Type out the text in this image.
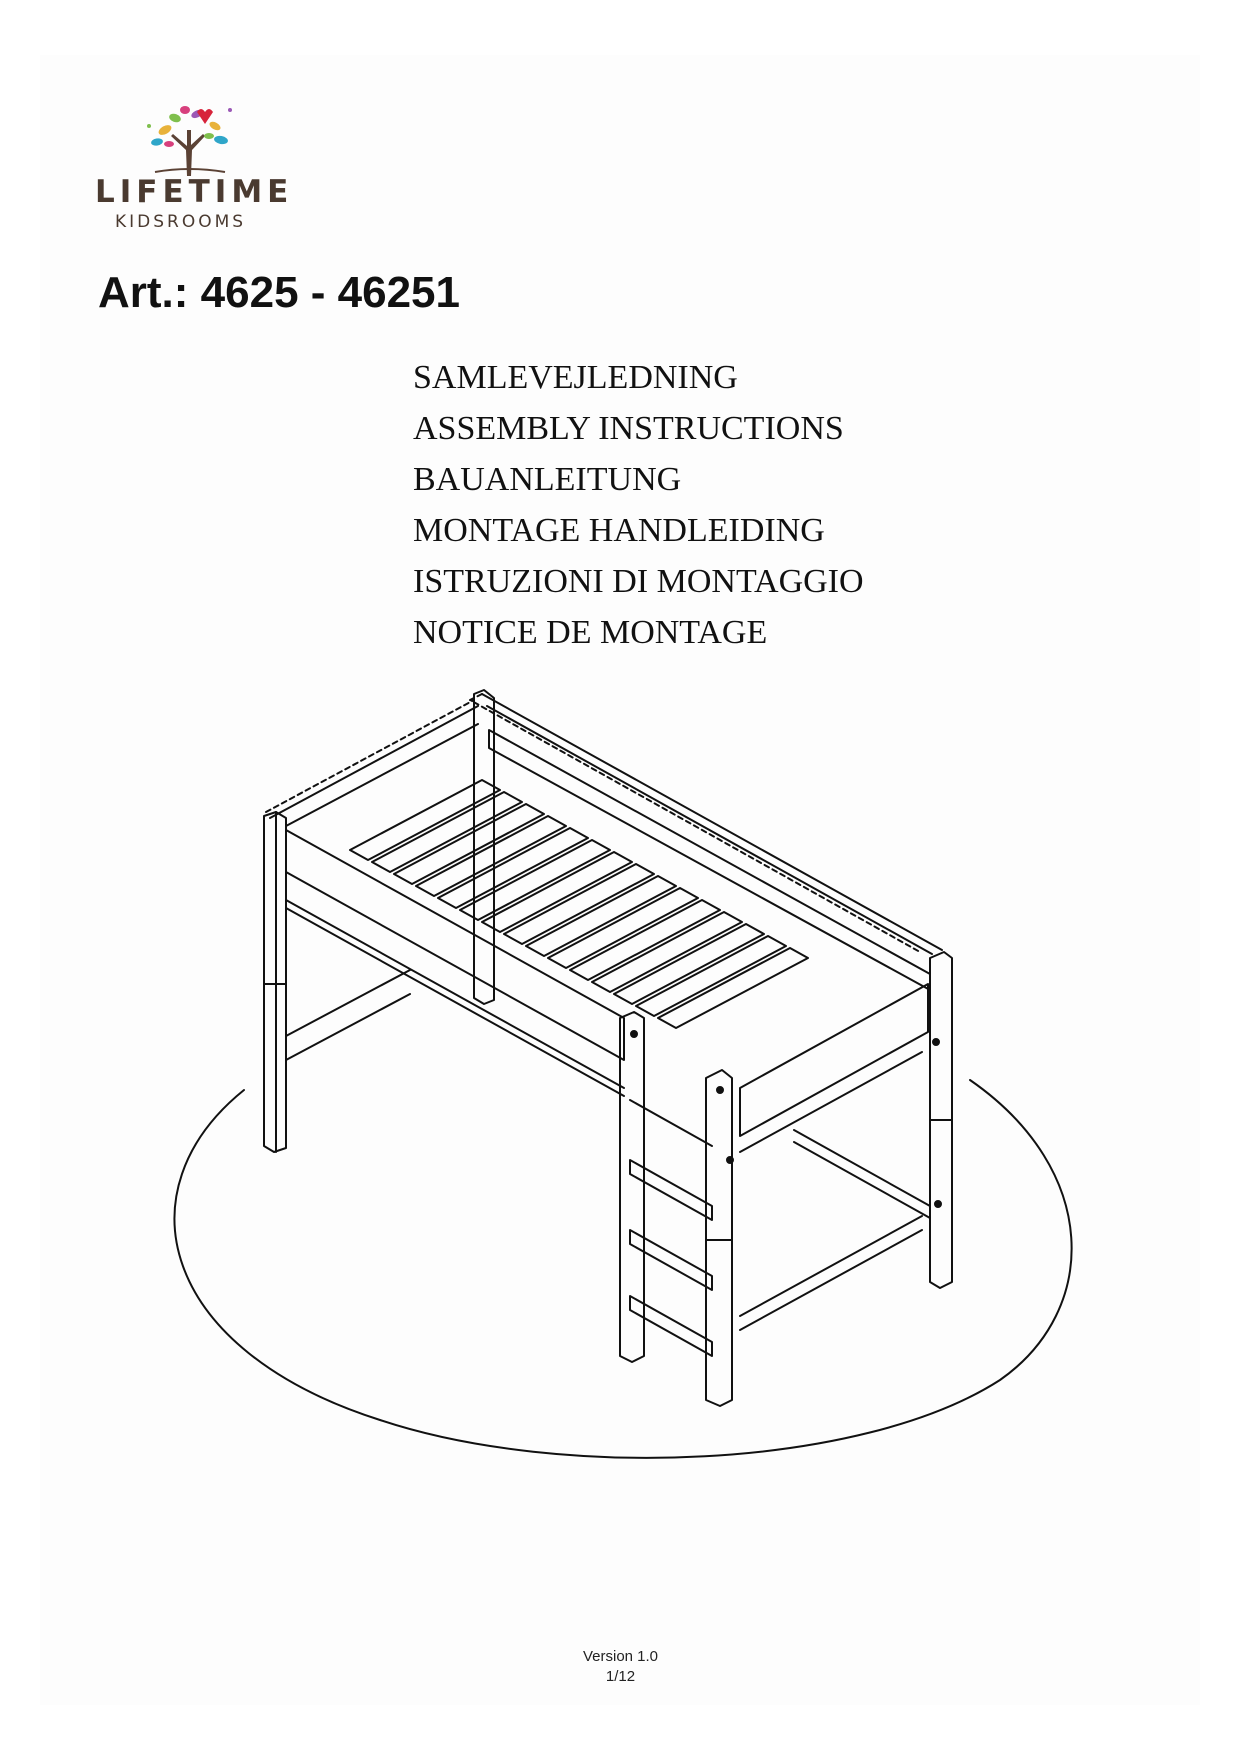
LIFETIME
KIDSROOMS
Art.: 4625 - 46251
SAMLEVEJLEDNING
ASSEMBLY INSTRUCTIONS
BAUANLEITUNG
MONTAGE HANDLEIDING
ISTRUZIONI DI MONTAGGIO
NOTICE DE MONTAGE
Version 1.0
1/12
